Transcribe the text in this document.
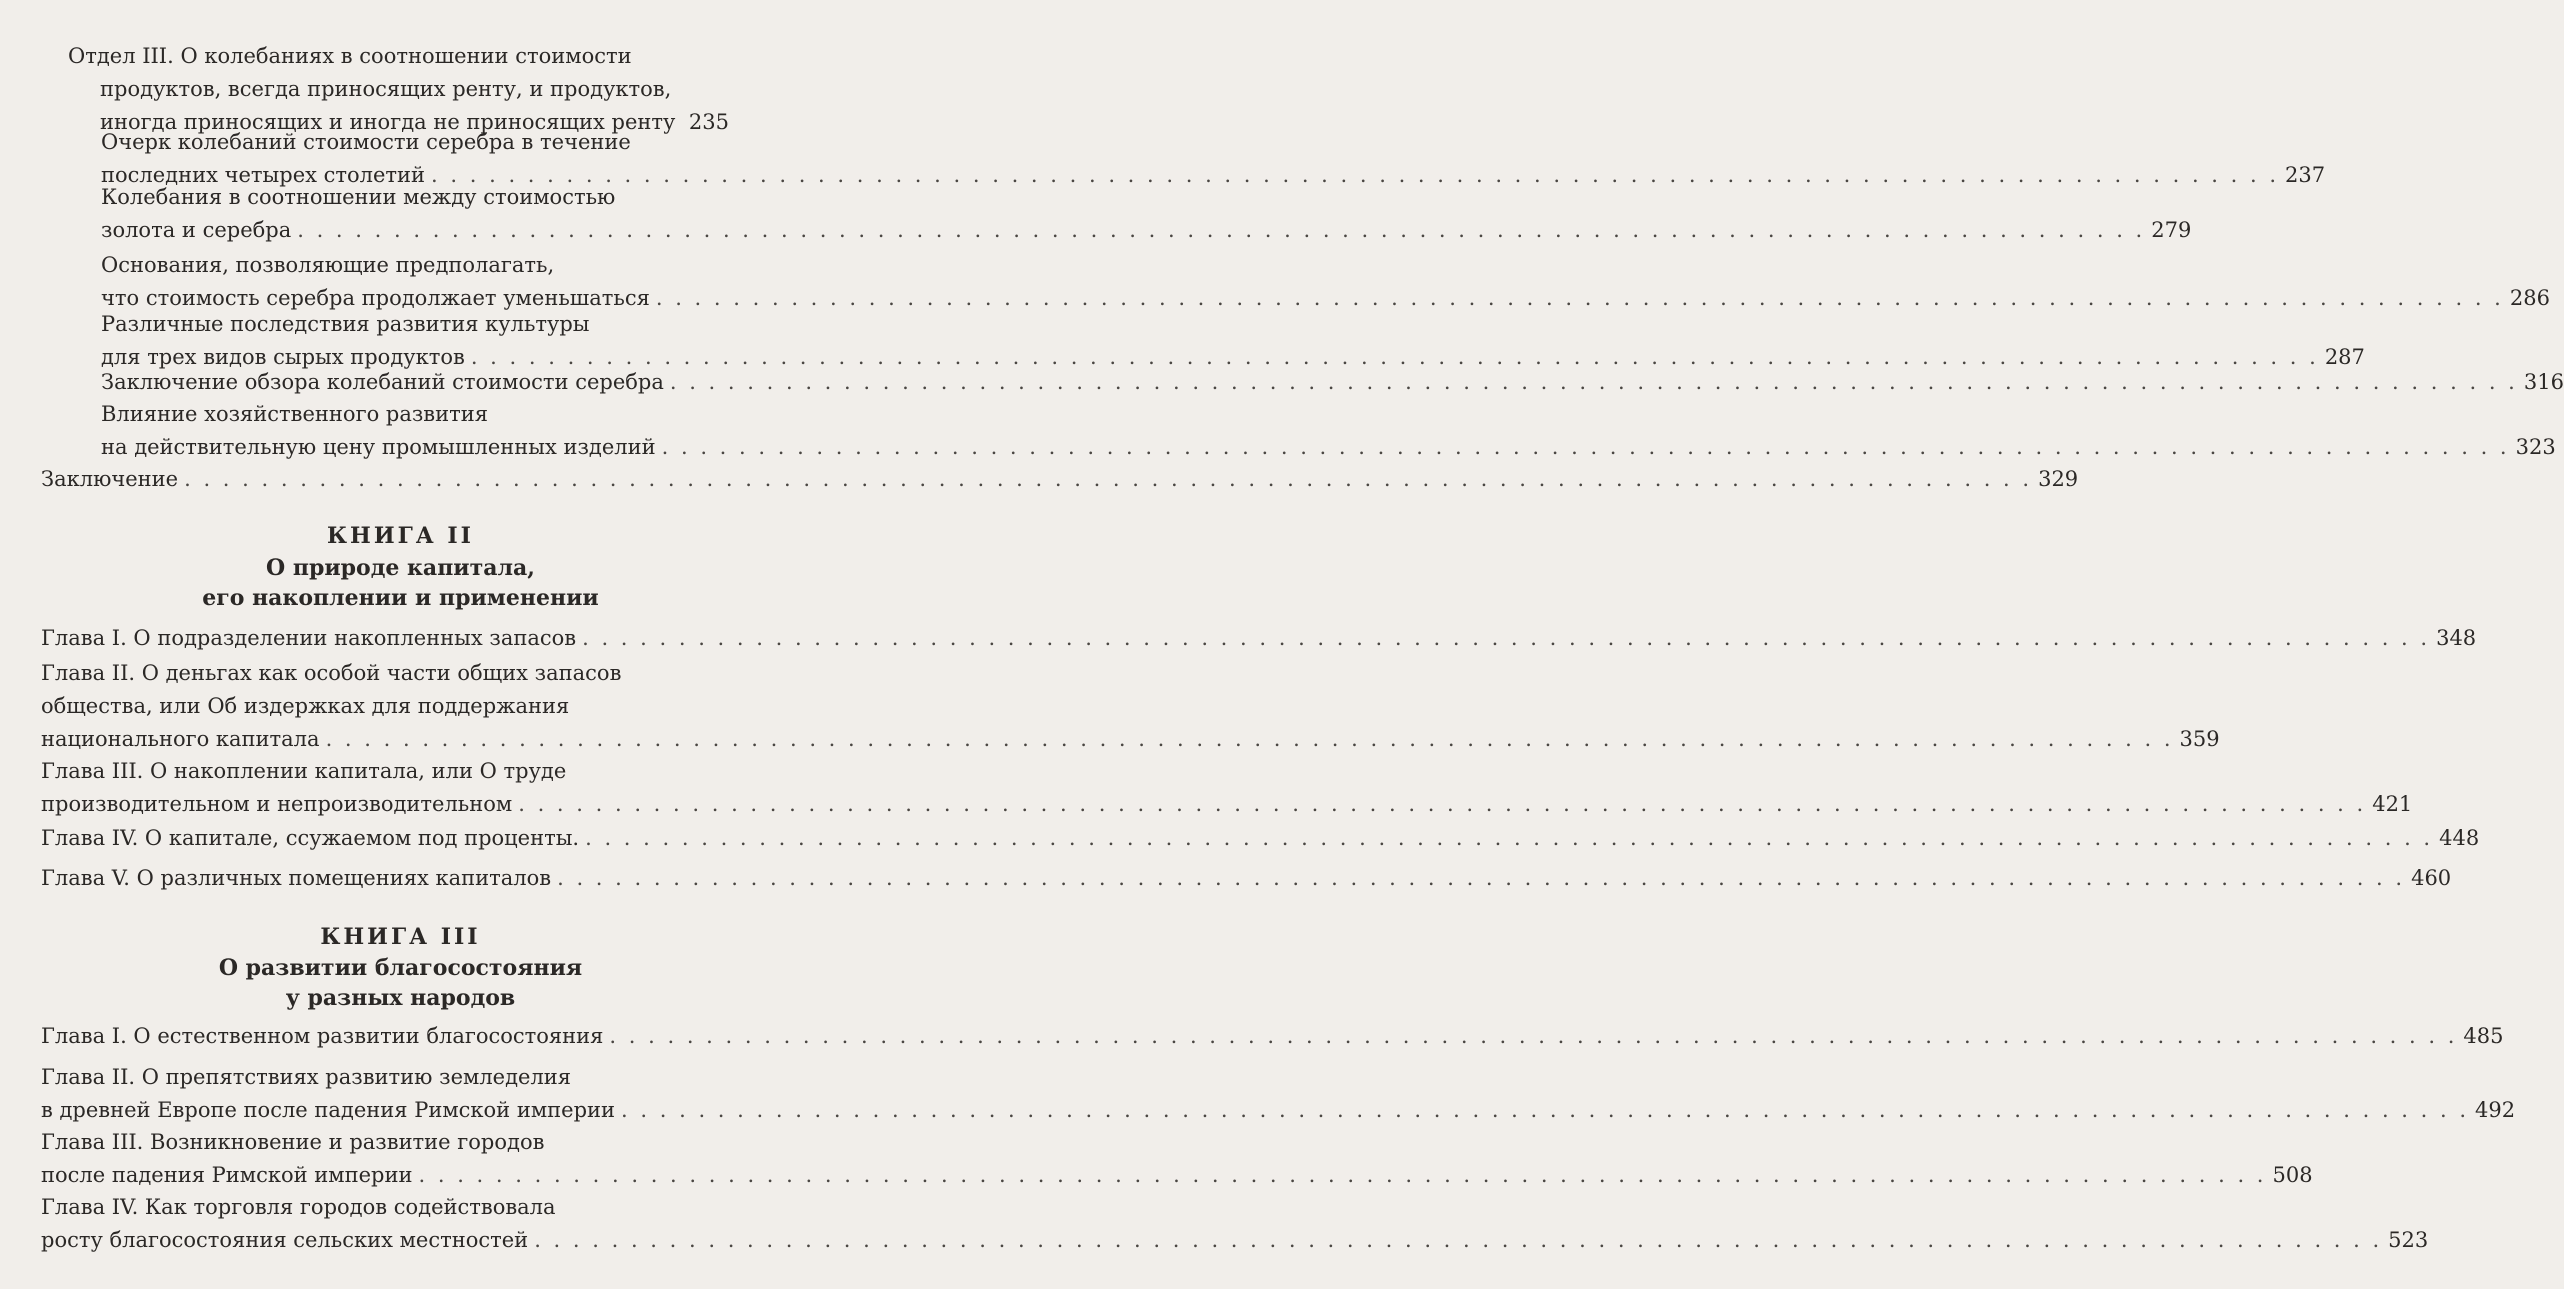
Отдел III. О колебаниях в соотношении стоимости
продуктов, всегда приносящих ренту, и продуктов,
иногда приносящих и иногда не приносящих ренту 235
Очерк колебаний стоимости серебра в течение
последних четырех столетий . . . . . . . . . . . . . . . . . . . . . . . . . . . . . . . . . . . . . . . . . . . . . . . . . . . . . . . . . . . . . . . . . . . . . . . . . . . . . . . . . . . . . . . . . . . . . . . . 237
Колебания в соотношении между стоимостью
золота и серебра . . . . . . . . . . . . . . . . . . . . . . . . . . . . . . . . . . . . . . . . . . . . . . . . . . . . . . . . . . . . . . . . . . . . . . . . . . . . . . . . . . . . . . . . . . . . . . . . 279
Основания, позволяющие предполагать,
что стоимость серебра продолжает уменьшаться . . . . . . . . . . . . . . . . . . . . . . . . . . . . . . . . . . . . . . . . . . . . . . . . . . . . . . . . . . . . . . . . . . . . . . . . . . . . . . . . . . . . . . . . . . . . . . . . 286
Различные последствия развития культуры
для трех видов сырых продуктов . . . . . . . . . . . . . . . . . . . . . . . . . . . . . . . . . . . . . . . . . . . . . . . . . . . . . . . . . . . . . . . . . . . . . . . . . . . . . . . . . . . . . . . . . . . . . . . . 287
Заключение обзора колебаний стоимости серебра . . . . . . . . . . . . . . . . . . . . . . . . . . . . . . . . . . . . . . . . . . . . . . . . . . . . . . . . . . . . . . . . . . . . . . . . . . . . . . . . . . . . . . . . . . . . . . . . 316
Влияние хозяйственного развития
на действительную цену промышленных изделий . . . . . . . . . . . . . . . . . . . . . . . . . . . . . . . . . . . . . . . . . . . . . . . . . . . . . . . . . . . . . . . . . . . . . . . . . . . . . . . . . . . . . . . . . . . . . . . . 323
Заключение . . . . . . . . . . . . . . . . . . . . . . . . . . . . . . . . . . . . . . . . . . . . . . . . . . . . . . . . . . . . . . . . . . . . . . . . . . . . . . . . . . . . . . . . . . . . . . . . 329
КНИГА II
О природе капитала,
его накоплении и применении
Глава I. О подразделении накопленных запасов . . . . . . . . . . . . . . . . . . . . . . . . . . . . . . . . . . . . . . . . . . . . . . . . . . . . . . . . . . . . . . . . . . . . . . . . . . . . . . . . . . . . . . . . . . . . . . . . 348
Глава II. О деньгах как особой части общих запасов
общества, или Об издержках для поддержания
национального капитала . . . . . . . . . . . . . . . . . . . . . . . . . . . . . . . . . . . . . . . . . . . . . . . . . . . . . . . . . . . . . . . . . . . . . . . . . . . . . . . . . . . . . . . . . . . . . . . . 359
Глава III. О накоплении капитала, или О труде
производительном и непроизводительном . . . . . . . . . . . . . . . . . . . . . . . . . . . . . . . . . . . . . . . . . . . . . . . . . . . . . . . . . . . . . . . . . . . . . . . . . . . . . . . . . . . . . . . . . . . . . . . . 421
Глава IV. О капитале, ссужаемом под проценты. . . . . . . . . . . . . . . . . . . . . . . . . . . . . . . . . . . . . . . . . . . . . . . . . . . . . . . . . . . . . . . . . . . . . . . . . . . . . . . . . . . . . . . . . . . . . . . . . 448
Глава V. О различных помещениях капиталов . . . . . . . . . . . . . . . . . . . . . . . . . . . . . . . . . . . . . . . . . . . . . . . . . . . . . . . . . . . . . . . . . . . . . . . . . . . . . . . . . . . . . . . . . . . . . . . . 460
КНИГА III
О развитии благосостояния
у разных народов
Глава I. О естественном развитии благосостояния . . . . . . . . . . . . . . . . . . . . . . . . . . . . . . . . . . . . . . . . . . . . . . . . . . . . . . . . . . . . . . . . . . . . . . . . . . . . . . . . . . . . . . . . . . . . . . . . 485
Глава II. О препятствиях развитию земледелия
в древней Европе после падения Римской империи . . . . . . . . . . . . . . . . . . . . . . . . . . . . . . . . . . . . . . . . . . . . . . . . . . . . . . . . . . . . . . . . . . . . . . . . . . . . . . . . . . . . . . . . . . . . . . . . 492
Глава III. Возникновение и развитие городов
после падения Римской империи . . . . . . . . . . . . . . . . . . . . . . . . . . . . . . . . . . . . . . . . . . . . . . . . . . . . . . . . . . . . . . . . . . . . . . . . . . . . . . . . . . . . . . . . . . . . . . . . 508
Глава IV. Как торговля городов содействовала
росту благосостояния сельских местностей . . . . . . . . . . . . . . . . . . . . . . . . . . . . . . . . . . . . . . . . . . . . . . . . . . . . . . . . . . . . . . . . . . . . . . . . . . . . . . . . . . . . . . . . . . . . . . . . 523
